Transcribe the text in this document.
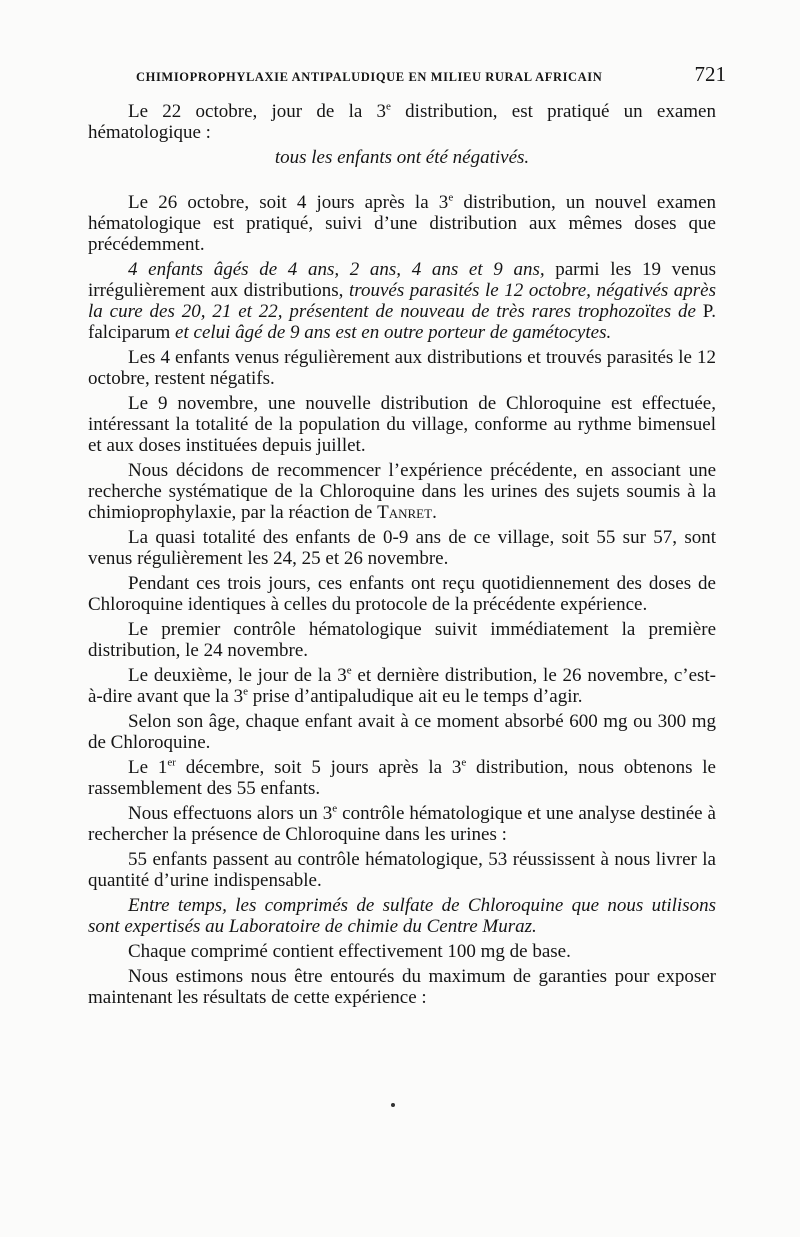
CHIMIOPROPHYLAXIE ANTIPALUDIQUE EN MILIEU RURAL AFRICAIN	721

Le 22 octobre, jour de la 3e distribution, est pratiqué un examen hématologique :

tous les enfants ont été négativés.

Le 26 octobre, soit 4 jours après la 3e distribution, un nouvel examen hématologique est pratiqué, suivi d’une distribution aux mêmes doses que précédemment.

4 enfants âgés de 4 ans, 2 ans, 4 ans et 9 ans, parmi les 19 venus irrégulièrement aux distributions, trouvés parasités le 12 octobre, négativés après la cure des 20, 21 et 22, présentent de nouveau de très rares trophozoïtes de P. falciparum et celui âgé de 9 ans est en outre porteur de gamétocytes.

Les 4 enfants venus régulièrement aux distributions et trouvés parasités le 12 octobre, restent négatifs.

Le 9 novembre, une nouvelle distribution de Chloroquine est effectuée, intéressant la totalité de la population du village, conforme au rythme bimensuel et aux doses instituées depuis juillet.

Nous décidons de recommencer l’expérience précédente, en associant une recherche systématique de la Chloroquine dans les urines des sujets soumis à la chimioprophylaxie, par la réaction de Tanret.

La quasi totalité des enfants de 0-9 ans de ce village, soit 55 sur 57, sont venus régulièrement les 24, 25 et 26 novembre.

Pendant ces trois jours, ces enfants ont reçu quotidiennement des doses de Chloroquine identiques à celles du protocole de la précédente expérience.

Le premier contrôle hématologique suivit immédiatement la première distribution, le 24 novembre.

Le deuxième, le jour de la 3e et dernière distribution, le 26 novembre, c’est-à-dire avant que la 3e prise d’antipaludique ait eu le temps d’agir.

Selon son âge, chaque enfant avait à ce moment absorbé 600 mg ou 300 mg de Chloroquine.

Le 1er décembre, soit 5 jours après la 3e distribution, nous obtenons le rassemblement des 55 enfants.

Nous effectuons alors un 3e contrôle hématologique et une analyse destinée à rechercher la présence de Chloroquine dans les urines :

55 enfants passent au contrôle hématologique, 53 réussissent à nous livrer la quantité d’urine indispensable.

Entre temps, les comprimés de sulfate de Chloroquine que nous utilisons sont expertisés au Laboratoire de chimie du Centre Muraz.

Chaque comprimé contient effectivement 100 mg de base.

Nous estimons nous être entourés du maximum de garanties pour exposer maintenant les résultats de cette expérience :
